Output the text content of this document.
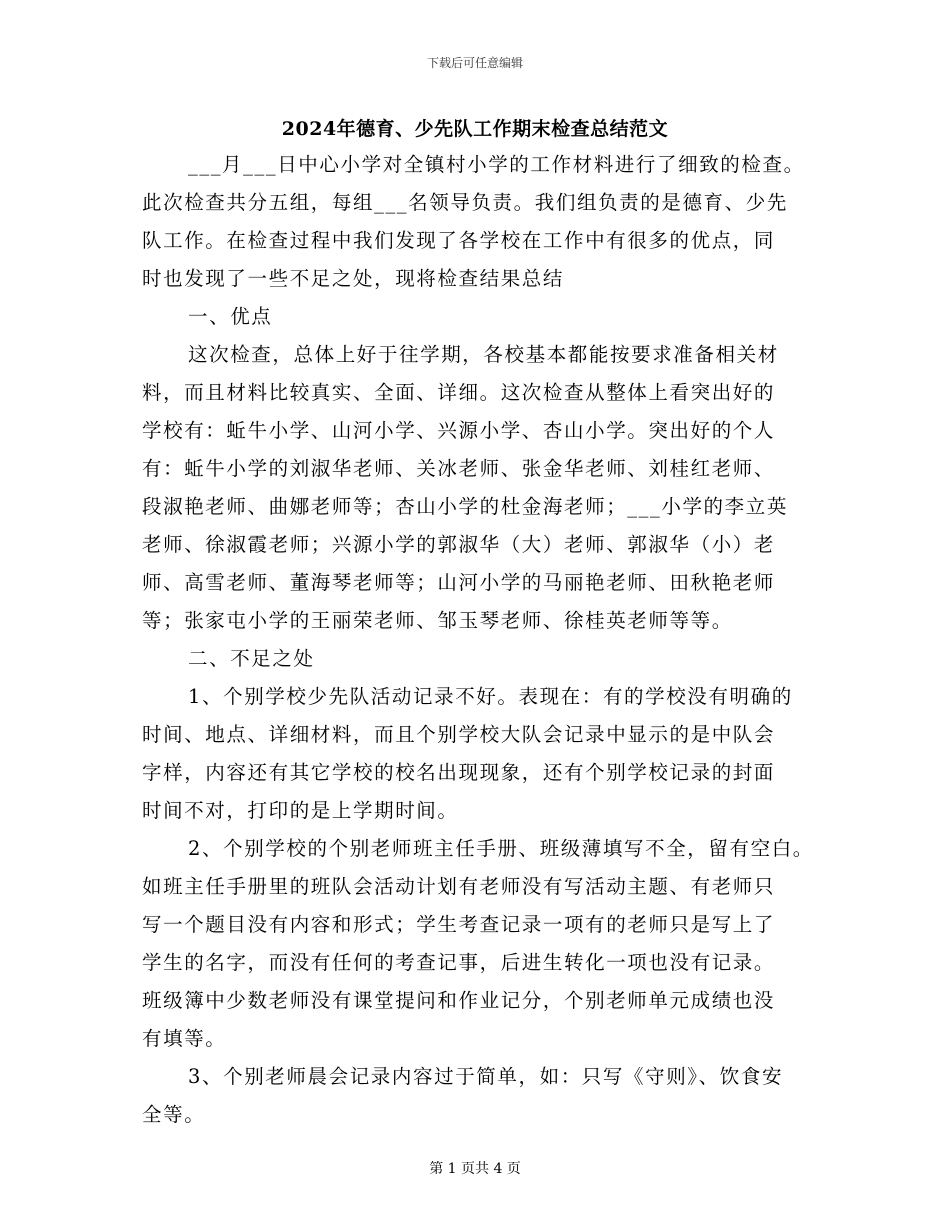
下载后可任意编辑
2024年德育、少先队工作期末检查总结范文
___月___日中心小学对全镇村小学的工作材料进行了细致的检查。
此次检查共分五组，每组___名领导负责。我们组负责的是德育、少先
队工作。在检查过程中我们发现了各学校在工作中有很多的优点，同
时也发现了一些不足之处，现将检查结果总结
一、优点
这次检查，总体上好于往学期，各校基本都能按要求准备相关材
料，而且材料比较真实、全面、详细。这次检查从整体上看突出好的
学校有：蚯牛小学、山河小学、兴源小学、杏山小学。突出好的个人
有：蚯牛小学的刘淑华老师、关冰老师、张金华老师、刘桂红老师、
段淑艳老师、曲娜老师等；杏山小学的杜金海老师；___小学的李立英
老师、徐淑霞老师；兴源小学的郭淑华（大）老师、郭淑华（小）老
师、高雪老师、董海琴老师等；山河小学的马丽艳老师、田秋艳老师
等；张家屯小学的王丽荣老师、邹玉琴老师、徐桂英老师等等。
二、不足之处
1、个别学校少先队活动记录不好。表现在：有的学校没有明确的
时间、地点、详细材料，而且个别学校大队会记录中显示的是中队会
字样，内容还有其它学校的校名出现现象，还有个别学校记录的封面
时间不对，打印的是上学期时间。
2、个别学校的个别老师班主任手册、班级薄填写不全，留有空白。
如班主任手册里的班队会活动计划有老师没有写活动主题、有老师只
写一个题目没有内容和形式；学生考查记录一项有的老师只是写上了
学生的名字，而没有任何的考查记事，后进生转化一项也没有记录。
班级簿中少数老师没有课堂提问和作业记分，个别老师单元成绩也没
有填等。
3、个别老师晨会记录内容过于简单，如：只写《守则》、饮食安
全等。
第 1 页共 4 页
